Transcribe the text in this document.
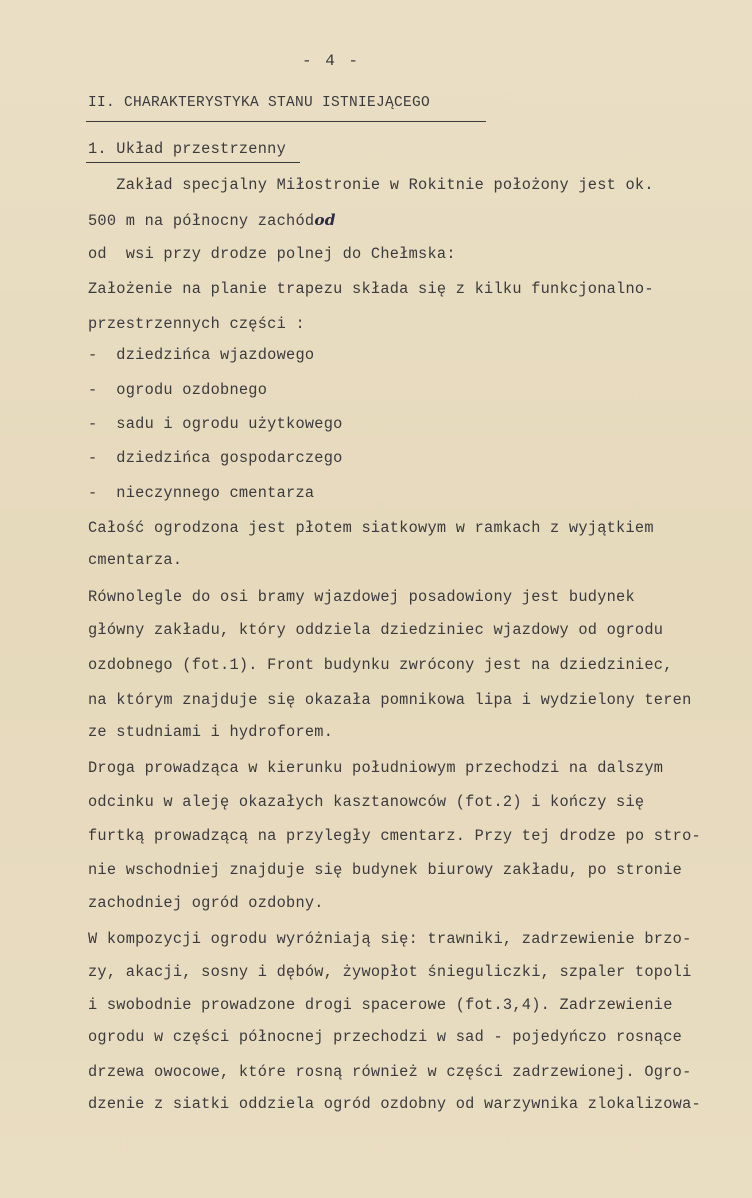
- 4 -
II. CHARAKTERYSTYKA STANU ISTNIEJĄCEGO
1. Układ przestrzenny
Zakład specjalny Miłostronie w Rokitnie położony jest ok.
500 m na północny zachódod
od  wsi przy drodze polnej do Chełmska:
Założenie na planie trapezu składa się z kilku funkcjonalno-
przestrzennych części :
-  dziedzińca wjazdowego
-  ogrodu ozdobnego
-  sadu i ogrodu użytkowego
-  dziedzińca gospodarczego
-  nieczynnego cmentarza
Całość ogrodzona jest płotem siatkowym w ramkach z wyjątkiem
cmentarza.
Równolegle do osi bramy wjazdowej posadowiony jest budynek
główny zakładu, który oddziela dziedziniec wjazdowy od ogrodu
ozdobnego (fot.1). Front budynku zwrócony jest na dziedziniec,
na którym znajduje się okazała pomnikowa lipa i wydzielony teren
ze studniami i hydroforem.
Droga prowadząca w kierunku południowym przechodzi na dalszym
odcinku w aleję okazałych kasztanowców (fot.2) i kończy się
furtką prowadzącą na przyległy cmentarz. Przy tej drodze po stro-
nie wschodniej znajduje się budynek biurowy zakładu, po stronie
zachodniej ogród ozdobny.
W kompozycji ogrodu wyróżniają się: trawniki, zadrzewienie brzo-
zy, akacji, sosny i dębów, żywopłot śnieguliczki, szpaler topoli
i swobodnie prowadzone drogi spacerowe (fot.3,4). Zadrzewienie
ogrodu w części północnej przechodzi w sad - pojedyńczo rosnące
drzewa owocowe, które rosną również w części zadrzewionej. Ogro-
dzenie z siatki oddziela ogród ozdobny od warzywnika zlokalizowa-
